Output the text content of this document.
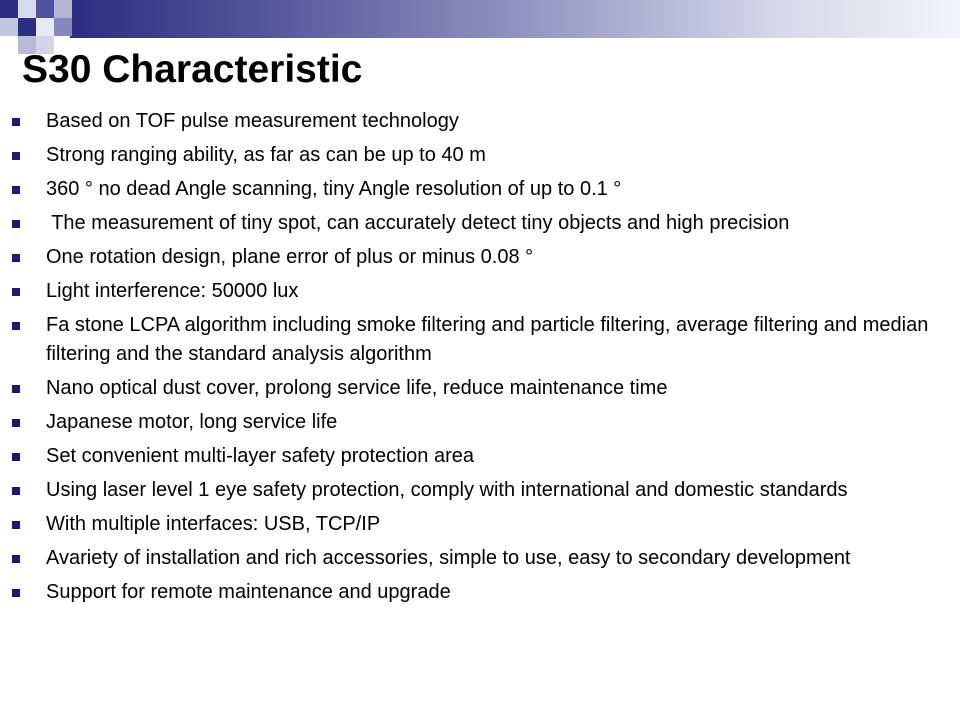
S30 Characteristic
Based on TOF pulse measurement technology
Strong ranging ability, as far as can be up to 40 m
360 ° no dead Angle scanning, tiny Angle resolution of up to 0.1 °
The measurement of tiny spot, can accurately detect tiny objects and high precision
One rotation design, plane error of plus or minus 0.08 °
Light interference: 50000 lux
Fa stone LCPA algorithm including smoke filtering and particle filtering, average filtering and median filtering and the standard analysis algorithm
Nano optical dust cover, prolong service life, reduce maintenance time
Japanese motor, long service life
Set convenient multi-layer safety protection area
Using laser level 1 eye safety protection, comply with international and domestic standards
With multiple interfaces: USB, TCP/IP
Avariety of installation and rich accessories, simple to use, easy to secondary development
Support for remote maintenance and upgrade
